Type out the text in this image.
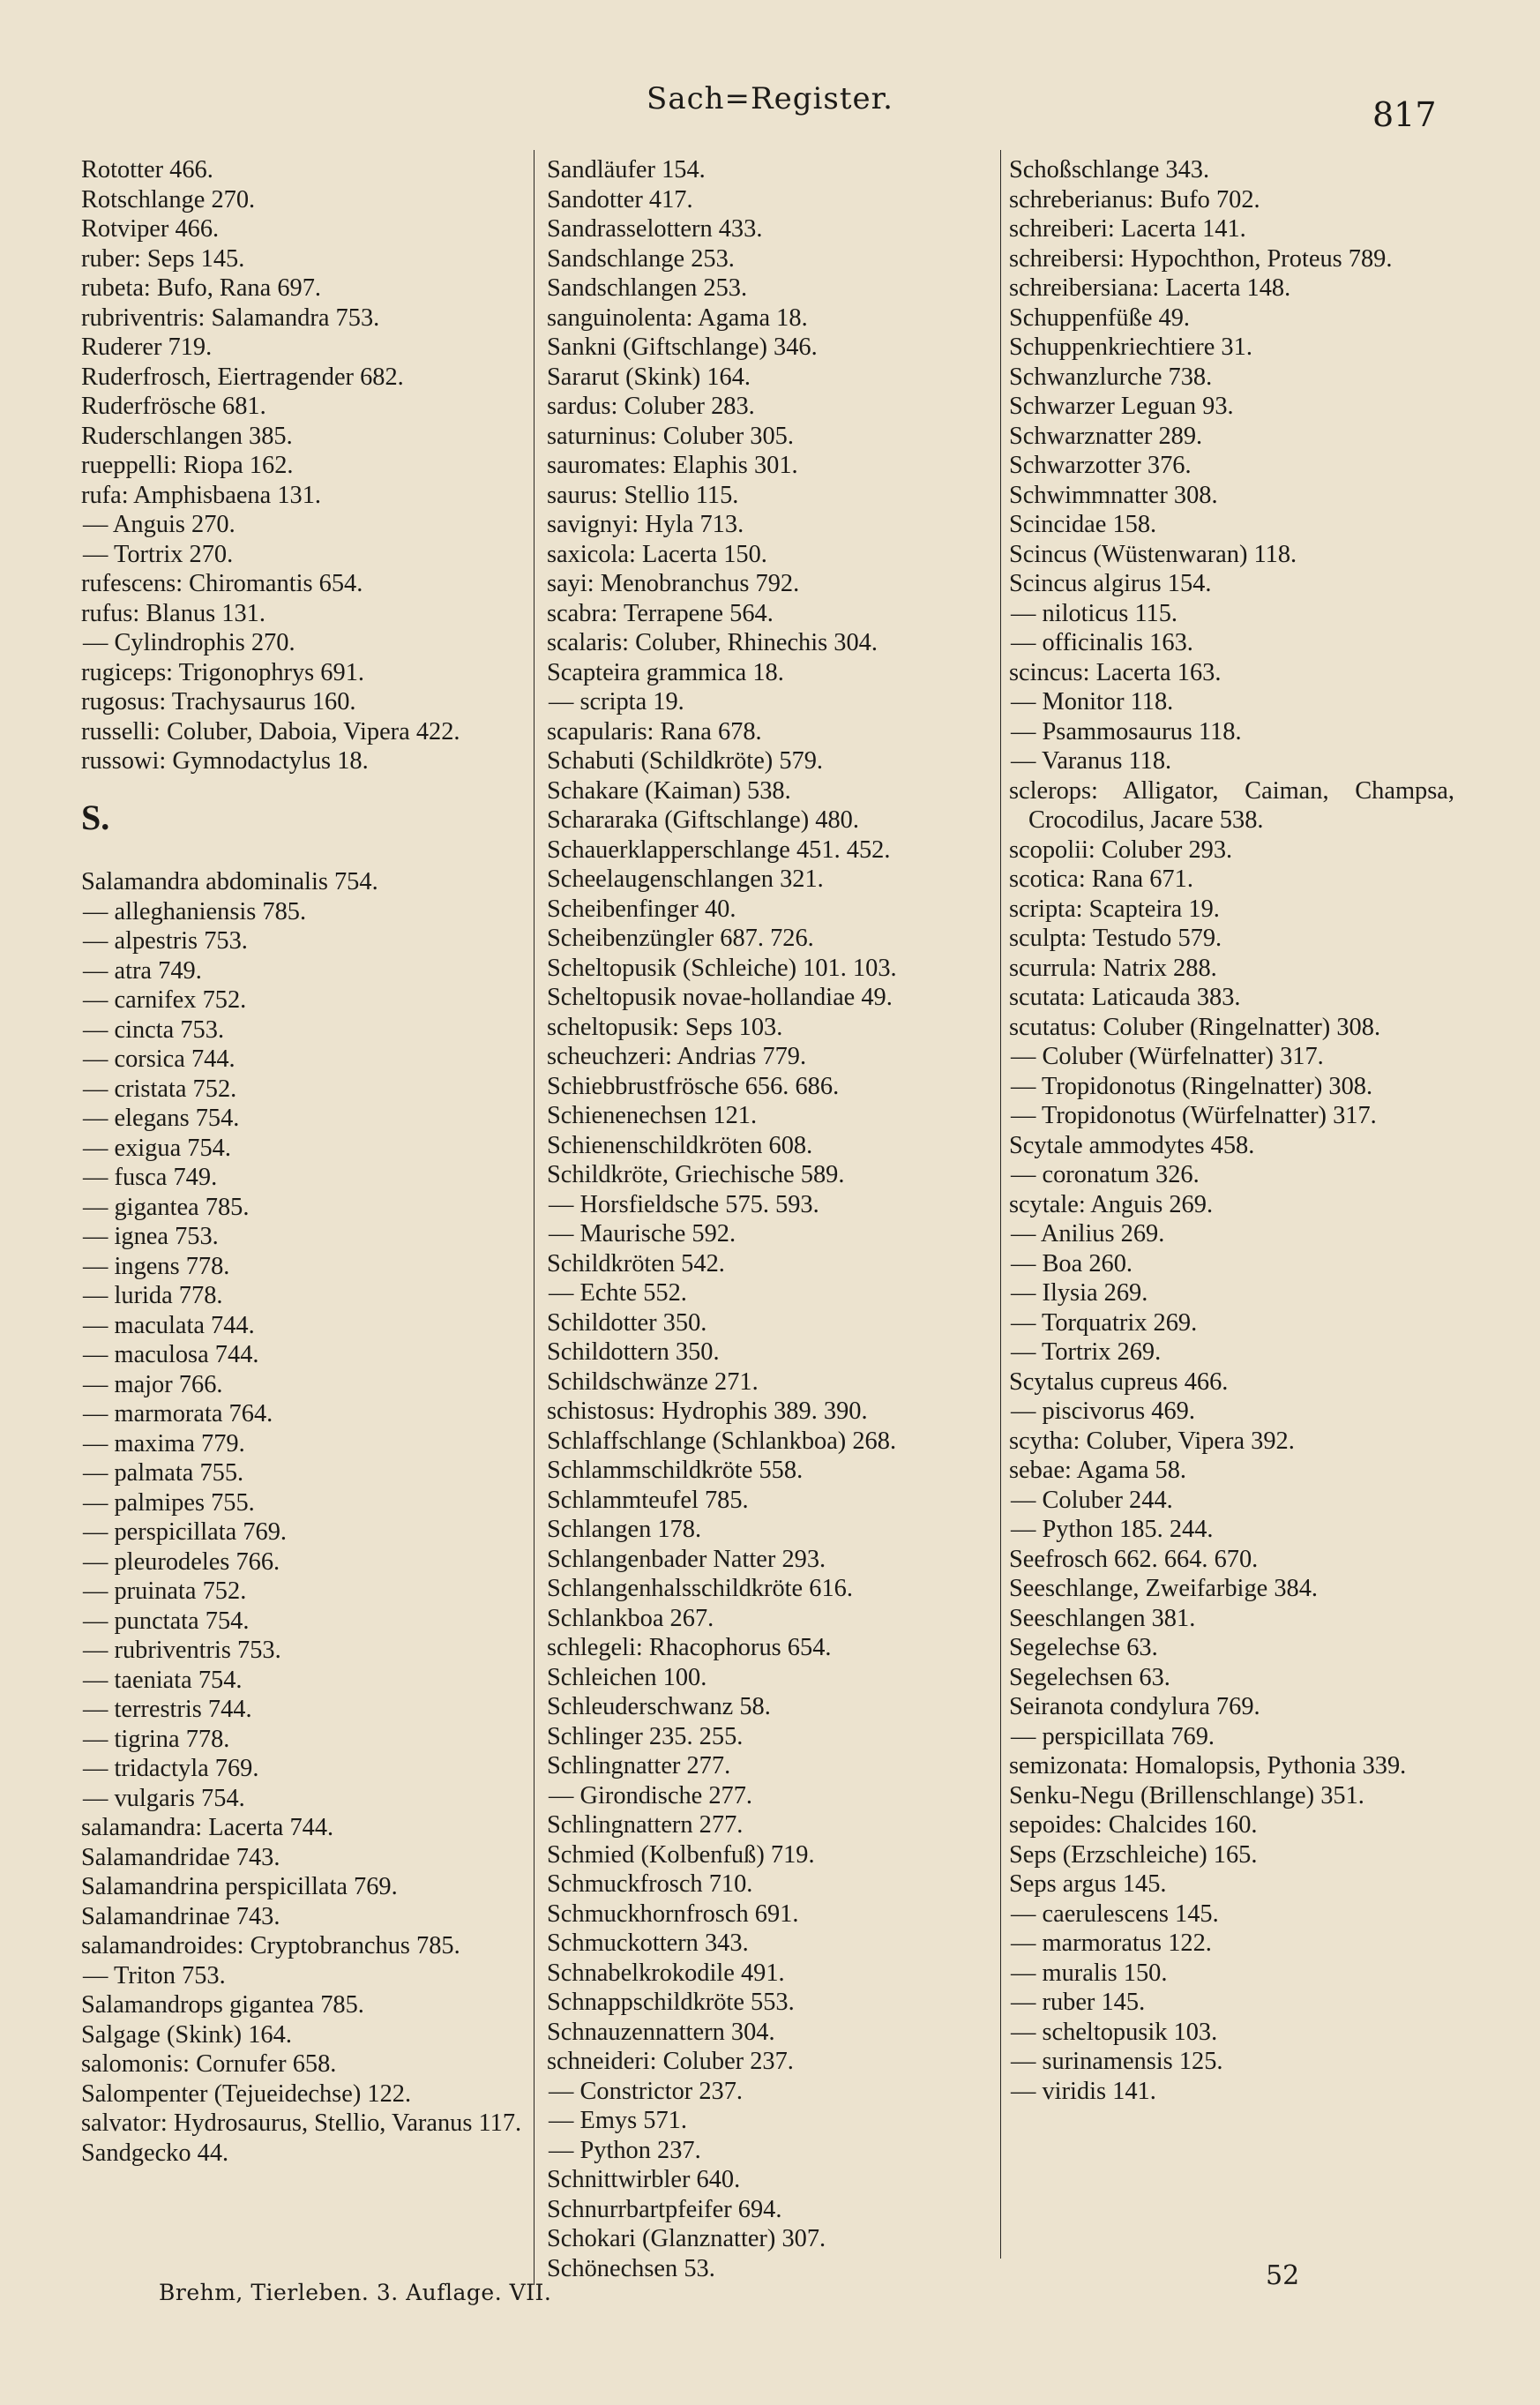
Sach=Register.	817
Rototter 466.
Rotschlange 270.
Rotviper 466.
ruber: Seps 145.
rubeta: Bufo, Rana 697.
rubriventris: Salamandra 753.
Ruderer 719.
Ruderfrosch, Eiertragender 682.
Ruderfrösche 681.
Ruderschlangen 385.
rueppelli: Riopa 162.
rufa: Amphisbaena 131.
— Anguis 270.
— Tortrix 270.
rufescens: Chiromantis 654.
rufus: Blanus 131.
— Cylindrophis 270.
rugiceps: Trigonophrys 691.
rugosus: Trachysaurus 160.
russelli: Coluber, Daboia, Vipera 422.
russowi: Gymnodactylus 18.
S.
Salamandra abdominalis 754.
— alleghaniensis 785.
— alpestris 753.
— atra 749.
— carnifex 752.
— cincta 753.
— corsica 744.
— cristata 752.
— elegans 754.
— exigua 754.
— fusca 749.
— gigantea 785.
— ignea 753.
— ingens 778.
— lurida 778.
— maculata 744.
— maculosa 744.
— major 766.
— marmorata 764.
— maxima 779.
— palmata 755.
— palmipes 755.
— perspicillata 769.
— pleurodeles 766.
— pruinata 752.
— punctata 754.
— rubriventris 753.
— taeniata 754.
— terrestris 744.
— tigrina 778.
— tridactyla 769.
— vulgaris 754.
salamandra: Lacerta 744.
Salamandridae 743.
Salamandrina perspicillata 769.
Salamandrinae 743.
salamandroides: Cryptobranchus 785.
— Triton 753.
Salamandrops gigantea 785.
Salgage (Skink) 164.
salomonis: Cornufer 658.
Salompenter (Tejueidechse) 122.
salvator: Hydrosaurus, Stellio, Varanus 117.
Sandgecko 44.
Sandläufer 154.
Sandotter 417.
Sandrasselottern 433.
Sandschlange 253.
Sandschlangen 253.
sanguinolenta: Agama 18.
Sankni (Giftschlange) 346.
Sararut (Skink) 164.
sardus: Coluber 283.
saturninus: Coluber 305.
sauromates: Elaphis 301.
saurus: Stellio 115.
savignyi: Hyla 713.
saxicola: Lacerta 150.
sayi: Menobranchus 792.
scabra: Terrapene 564.
scalaris: Coluber, Rhinechis 304.
Scapteira grammica 18.
— scripta 19.
scapularis: Rana 678.
Schabuti (Schildkröte) 579.
Schakare (Kaiman) 538.
Schararaka (Giftschlange) 480.
Schauerklapperschlange 451. 452.
Scheelaugenschlangen 321.
Scheibenfinger 40.
Scheibenzüngler 687. 726.
Scheltopusik (Schleiche) 101. 103.
Scheltopusik novae-hollandiae 49.
scheltopusik: Seps 103.
scheuchzeri: Andrias 779.
Schiebbrustfrösche 656. 686.
Schienenechsen 121.
Schienenschildkröten 608.
Schildkröte, Griechische 589.
— Horsfieldsche 575. 593.
— Maurische 592.
Schildkröten 542.
— Echte 552.
Schildotter 350.
Schildottern 350.
Schildschwänze 271.
schistosus: Hydrophis 389. 390.
Schlaffschlange (Schlankboa) 268.
Schlammschildkröte 558.
Schlammteufel 785.
Schlangen 178.
Schlangenbader Natter 293.
Schlangenhalsschildkröte 616.
Schlankboa 267.
schlegeli: Rhacophorus 654.
Schleichen 100.
Schleuderschwanz 58.
Schlinger 235. 255.
Schlingnatter 277.
— Girondische 277.
Schlingnattern 277.
Schmied (Kolbenfuß) 719.
Schmuckfrosch 710.
Schmuckhornfrosch 691.
Schmuckottern 343.
Schnabelkrokodile 491.
Schnappschildkröte 553.
Schnauzennattern 304.
schneideri: Coluber 237.
— Constrictor 237.
— Emys 571.
— Python 237.
Schnittwirbler 640.
Schnurrbartpfeifer 694.
Schokari (Glanznatter) 307.
Schönechsen 53.
Schoßschlange 343.
schreberianus: Bufo 702.
schreiberi: Lacerta 141.
schreibersi: Hypochthon, Proteus 789.
schreibersiana: Lacerta 148.
Schuppenfüße 49.
Schuppenkriechtiere 31.
Schwanzlurche 738.
Schwarzer Leguan 93.
Schwarznatter 289.
Schwarzotter 376.
Schwimmnatter 308.
Scincidae 158.
Scincus (Wüstenwaran) 118.
Scincus algirus 154.
— niloticus 115.
— officinalis 163.
scincus: Lacerta 163.
— Monitor 118.
— Psammosaurus 118.
— Varanus 118.
sclerops: Alligator, Caiman, Champsa, Crocodilus, Jacare 538.
scopolii: Coluber 293.
scotica: Rana 671.
scripta: Scapteira 19.
sculpta: Testudo 579.
scurrula: Natrix 288.
scutata: Laticauda 383.
scutatus: Coluber (Ringelnatter) 308.
— Coluber (Würfelnatter) 317.
— Tropidonotus (Ringelnatter) 308.
— Tropidonotus (Würfelnatter) 317.
Scytale ammodytes 458.
— coronatum 326.
scytale: Anguis 269.
— Anilius 269.
— Boa 260.
— Ilysia 269.
— Torquatrix 269.
— Tortrix 269.
Scytalus cupreus 466.
— piscivorus 469.
scytha: Coluber, Vipera 392.
sebae: Agama 58.
— Coluber 244.
— Python 185. 244.
Seefrosch 662. 664. 670.
Seeschlange, Zweifarbige 384.
Seeschlangen 381.
Segelechse 63.
Segelechsen 63.
Seiranota condylura 769.
— perspicillata 769.
semizonata: Homalopsis, Pythonia 339.
Senku-Negu (Brillenschlange) 351.
sepoides: Chalcides 160.
Seps (Erzschleiche) 165.
Seps argus 145.
— caerulescens 145.
— marmoratus 122.
— muralis 150.
— ruber 145.
— scheltopusik 103.
— surinamensis 125.
— viridis 141.
Brehm, Tierleben. 3. Auflage. VII.
52
